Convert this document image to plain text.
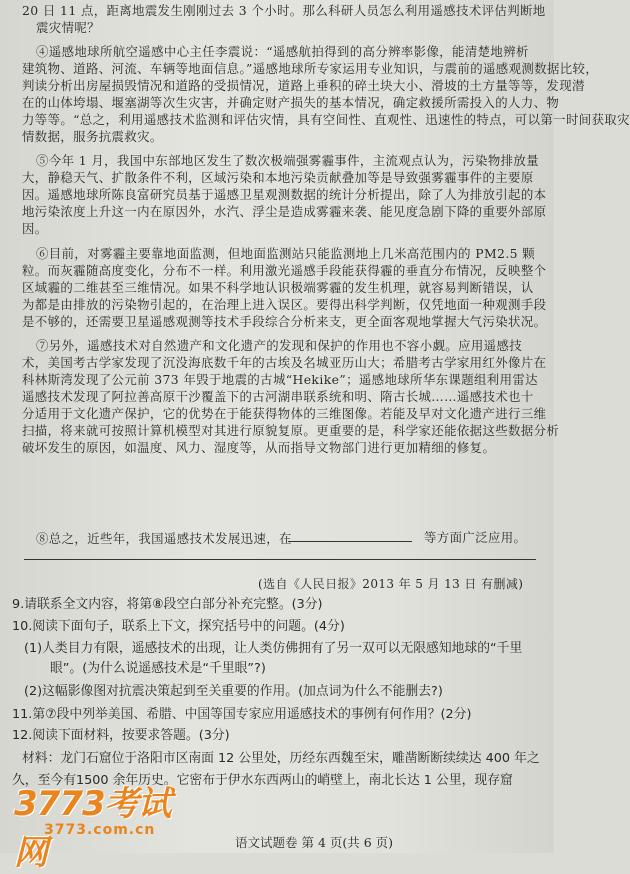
20 日 11 点，距离地震发生刚刚过去 3 个小时。那么科研人员怎么利用遥感技术评估判断地
震灾情呢？
④遥感地球所航空遥感中心主任李震说：“遥感航拍得到的高分辨率影像，能清楚地辨析
建筑物、道路、河流、车辆等地面信息。”遥感地球所专家运用专业知识，与震前的遥感观测数据比较，
判读分析出房屋损毁情况和道路的受损情况，道路上垂积的碎土块大小、滑坡的土方量等等，发现潜
在的山体垮塌、堰塞湖等次生灾害，并确定财产损失的基本情况，确定救援所需投入的人力、物
力等等。“总之，利用遥感技术监测和评估灾情，具有空间性、直观性、迅速性的特点，可以第一时间获取灾
情数据，服务抗震救灾。
⑤今年 1 月，我国中东部地区发生了数次极端强雾霾事件，主流观点认为，污染物排放量
大，静稳天气、扩散条件不利，区域污染和本地污染贡献叠加等是导致强雾霾事件的主要原
因。遥感地球所陈良富研究员基于遥感卫星观测数据的统计分析提出，除了人为排放引起的本
地污染浓度上升这一内在原因外，水汽、浮尘是造成雾霾来袭、能见度急剧下降的重要外部原
因。
⑥目前，对雾霾主要靠地面监测，但地面监测站只能监测地上几米高范围内的 PM2.5 颗
粒。而灰霾随高度变化，分布不一样。利用激光遥感手段能获得霾的垂直分布情况，反映整个
区域霾的二维甚至三维情况。如果不科学地认识极端雾霾的发生机理，就容易判断错误，认
为都是由排放的污染物引起的，在治理上进入误区。要得出科学判断，仅凭地面一种观测手段
是不够的，还需要卫星遥感观测等技术手段综合分析来支，更全面客观地掌握大气污染状况。
⑦另外，遥感技术对自然遗产和文化遗产的发现和保护的作用也不容小觑。应用遥感技
术，美国考古学家发现了沉没海底数千年的古埃及名城亚历山大；希腊考古学家用红外像片在
科林斯湾发现了公元前 373 年毁于地震的古城“Hekike”；遥感地球所华东课题组利用雷达
遥感技术发现了阿拉善高原干沙覆盖下的古河湖串联系统和明、隋古长城……遥感技术也十
分适用于文化遗产保护，它的优势在于能获得物体的三维图像。若能及早对文化遗产进行三维
扫描，将来就可按照计算机模型对其进行原貌复原。更重要的是，科学家还能依据这些数据分析
破坏发生的原因，如温度、风力、湿度等，从而指导文物部门进行更加精细的修复。
⑧总之，近些年，我国遥感技术发展迅速，在	等方面广泛应用。
(选自《人民日报》2013 年 5 月 13 日 有删减)
9.请联系全文内容，将第⑧段空白部分补充完整。(3分)
10.阅读下面句子，联系上下文，探究括号中的问题。(4分)
(1)人类目力有限，遥感技术的出现，让人类仿佛拥有了另一双可以无限感知地球的“千里
眼”。(为什么说遥感技术是“千里眼”?)
(2)这幅影像图对抗震决策起到至关重要的作用。(加点词为什么不能删去?)
11.第⑦段中列举美国、希腊、中国等国专家应用遥感技术的事例有何作用？(2分)
12.阅读下面材料，按要求答题。(3分)
材料：龙门石窟位于洛阳市区南面 12 公里处，历经东西魏至宋，雕凿断断续续达 400 年之
久，至今有1500 余年历史。它密布于伊水东西两山的峭壁上，南北长达 1 公里，现存窟
3773考试网
3773.com.cn
语文试题卷 第 4 页(共 6 页)
